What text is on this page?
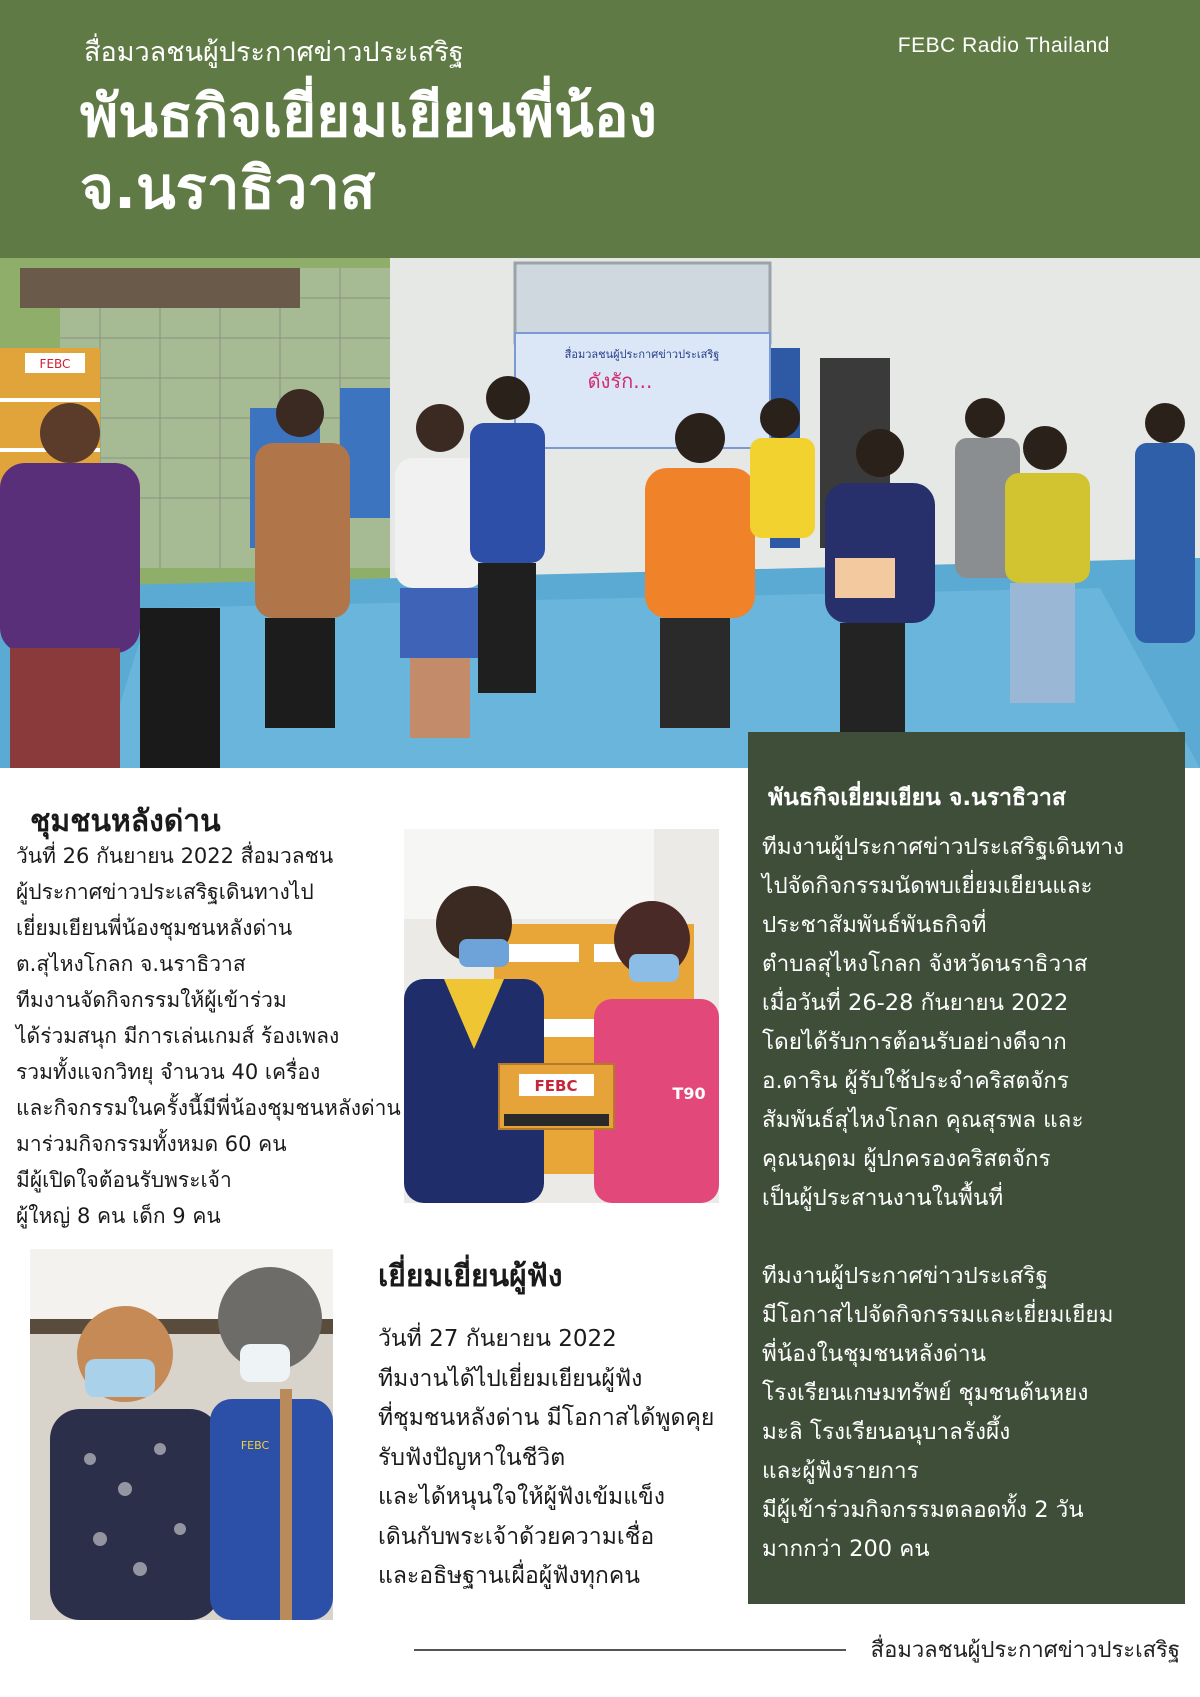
สื่อมวลชนผู้ประกาศข่าวประเสริฐ	FEBC Radio Thailand
พันธกิจเยี่ยมเยียนพี่น้อง
จ.นราธิวาส
สื่อมวลชนผู้ประกาศข่าวประเสริฐ
ดังรัก...
FEBC
ชุมชนหลังด่าน

วันที่ 26 กันยายน 2022 สื่อมวลชน

ผู้ประกาศข่าวประเสริฐเดินทางไป

เยี่ยมเยียนพี่น้องชุมชนหลังด่าน

ต.สุไหงโกลก จ.นราธิวาส

ทีมงานจัดกิจกรรมให้ผู้เข้าร่วม

ได้ร่วมสนุก มีการเล่นเกมส์ ร้องเพลง

รวมทั้งแจกวิทยุ จำนวน 40 เครื่อง

และกิจกรรมในครั้งนี้มีพี่น้องชุมชนหลังด่าน

มาร่วมกิจกรรมทั้งหมด 60 คน

มีผู้เปิดใจต้อนรับพระเจ้า

ผู้ใหญ่ 8 คน เด็ก 9 คน

T90
FEBC
FEBC
เยี่ยมเยี่ยนผู้ฟัง

วันที่ 27 กันยายน 2022

ทีมงานได้ไปเยี่ยมเยียนผู้ฟัง

ที่ชุมชนหลังด่าน มีโอกาสได้พูดคุย

รับฟังปัญหาในชีวิต

และได้หนุนใจให้ผู้ฟังเข้มแข็ง

เดินกับพระเจ้าด้วยความเชื่อ

และอธิษฐานเผื่อผู้ฟังทุกคน

พันธกิจเยี่ยมเยียน จ.นราธิวาส

ทีมงานผู้ประกาศข่าวประเสริฐเดินทาง

ไปจัดกิจกรรมนัดพบเยี่ยมเยียนและ

ประชาสัมพันธ์พันธกิจที่

ตำบลสุไหงโกลก จังหวัดนราธิวาส

เมื่อวันที่ 26-28 กันยายน 2022

โดยได้รับการต้อนรับอย่างดีจาก

อ.ดาริน ผู้รับใช้ประจำคริสตจักร

สัมพันธ์สุไหงโกลก คุณสุรพล และ

คุณนฤดม ผู้ปกครองคริสตจักร

เป็นผู้ประสานงานในพื้นที่

ทีมงานผู้ประกาศข่าวประเสริฐ

มีโอกาสไปจัดกิจกรรมและเยี่ยมเยียม

พี่น้องในชุมชนหลังด่าน

โรงเรียนเกษมทรัพย์ ชุมชนต้นหยง

มะลิ โรงเรียนอนุบาลรังผึ้ง

และผู้ฟังรายการ

มีผู้เข้าร่วมกิจกรรมตลอดทั้ง 2 วัน

มากกว่า 200 คน

สื่อมวลชนผู้ประกาศข่าวประเสริฐ
